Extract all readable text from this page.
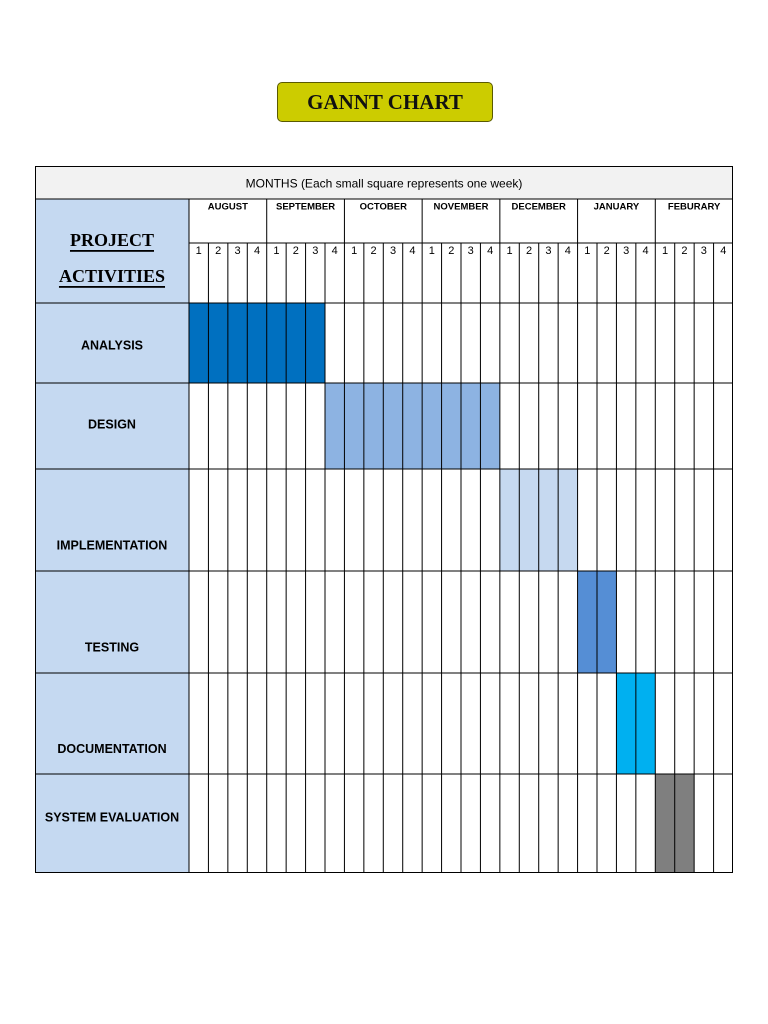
GANNT CHART
MONTHS (Each small square represents one week)
AUGUST
1 2 3 4
SEPTEMBER
1 2 3 4
OCTOBER
1 2 3 4
NOVEMBER
1 2 3 4
DECEMBER
1 2 3 4
JANUARY
1 2 3 4
FEBURARY
1 2 3 4
PROJECT
ACTIVITIES
ANALYSIS
DESIGN
IMPLEMENTATION
TESTING
DOCUMENTATION
SYSTEM EVALUATION
